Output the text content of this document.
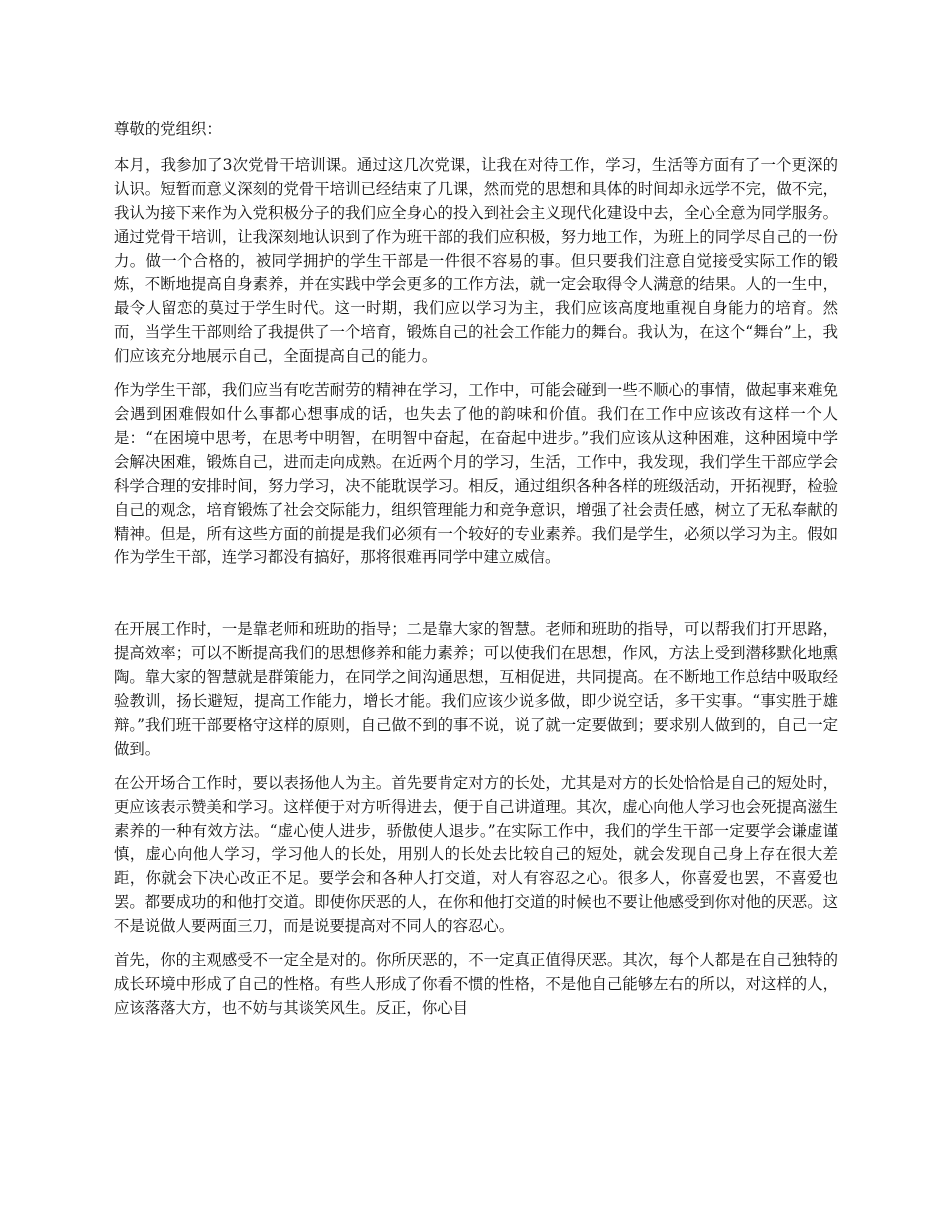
尊敬的党组织：

本月，我参加了3次党骨干培训课。通过这几次党课，让我在对待工作，学习，生活等方面有了一个更深的认识。短暂而意义深刻的党骨干培训已经结束了几课，然而党的思想和具体的时间却永远学不完，做不完，我认为接下来作为入党积极分子的我们应全身心的投入到社会主义现代化建设中去，全心全意为同学服务。通过党骨干培训，让我深刻地认识到了作为班干部的我们应积极，努力地工作，为班上的同学尽自己的一份力。做一个合格的，被同学拥护的学生干部是一件很不容易的事。但只要我们注意自觉接受实际工作的锻炼，不断地提高自身素养，并在实践中学会更多的工作方法，就一定会取得令人满意的结果。人的一生中，最令人留恋的莫过于学生时代。这一时期，我们应以学习为主，我们应该高度地重视自身能力的培育。然而，当学生干部则给了我提供了一个培育，锻炼自己的社会工作能力的舞台。我认为，在这个“舞台”上，我们应该充分地展示自己，全面提高自己的能力。

作为学生干部，我们应当有吃苦耐劳的精神在学习，工作中，可能会碰到一些不顺心的事情，做起事来难免会遇到困难假如什么事都心想事成的话，也失去了他的韵味和价值。我们在工作中应该改有这样一个人是：“在困境中思考，在思考中明智，在明智中奋起，在奋起中进步。”我们应该从这种困难，这种困境中学会解决困难，锻炼自己，进而走向成熟。在近两个月的学习，生活，工作中，我发现，我们学生干部应学会科学合理的安排时间，努力学习，决不能耽误学习。相反，通过组织各种各样的班级活动，开拓视野，检验自己的观念，培育锻炼了社会交际能力，组织管理能力和竞争意识，增强了社会责任感，树立了无私奉献的精神。但是，所有这些方面的前提是我们必须有一个较好的专业素养。我们是学生，必须以学习为主。假如作为学生干部，连学习都没有搞好，那将很难再同学中建立威信。

在开展工作时，一是靠老师和班助的指导；二是靠大家的智慧。老师和班助的指导，可以帮我们打开思路，提高效率；可以不断提高我们的思想修养和能力素养；可以使我们在思想，作风，方法上受到潜移默化地熏陶。靠大家的智慧就是群策能力，在同学之间沟通思想，互相促进，共同提高。在不断地工作总结中吸取经验教训，扬长避短，提高工作能力，增长才能。我们应该少说多做，即少说空话，多干实事。“事实胜于雄辩。”我们班干部要格守这样的原则，自己做不到的事不说，说了就一定要做到；要求别人做到的，自己一定做到。

在公开场合工作时，要以表扬他人为主。首先要肯定对方的长处，尤其是对方的长处恰恰是自己的短处时，更应该表示赞美和学习。这样便于对方听得进去，便于自己讲道理。其次，虚心向他人学习也会死提高滋生素养的一种有效方法。“虚心使人进步，骄傲使人退步。”在实际工作中，我们的学生干部一定要学会谦虚谨慎，虚心向他人学习，学习他人的长处，用别人的长处去比较自己的短处，就会发现自己身上存在很大差距，你就会下决心改正不足。要学会和各种人打交道，对人有容忍之心。很多人，你喜爱也罢，不喜爱也罢。都要成功的和他打交道。即使你厌恶的人，在你和他打交道的时候也不要让他感受到你对他的厌恶。这不是说做人要两面三刀，而是说要提高对不同人的容忍心。

首先，你的主观感受不一定全是对的。你所厌恶的，不一定真正值得厌恶。其次，每个人都是在自己独特的成长环境中形成了自己的性格。有些人形成了你看不惯的性格，不是他自己能够左右的所以，对这样的人，应该落落大方，也不妨与其谈笑风生。反正，你心目
